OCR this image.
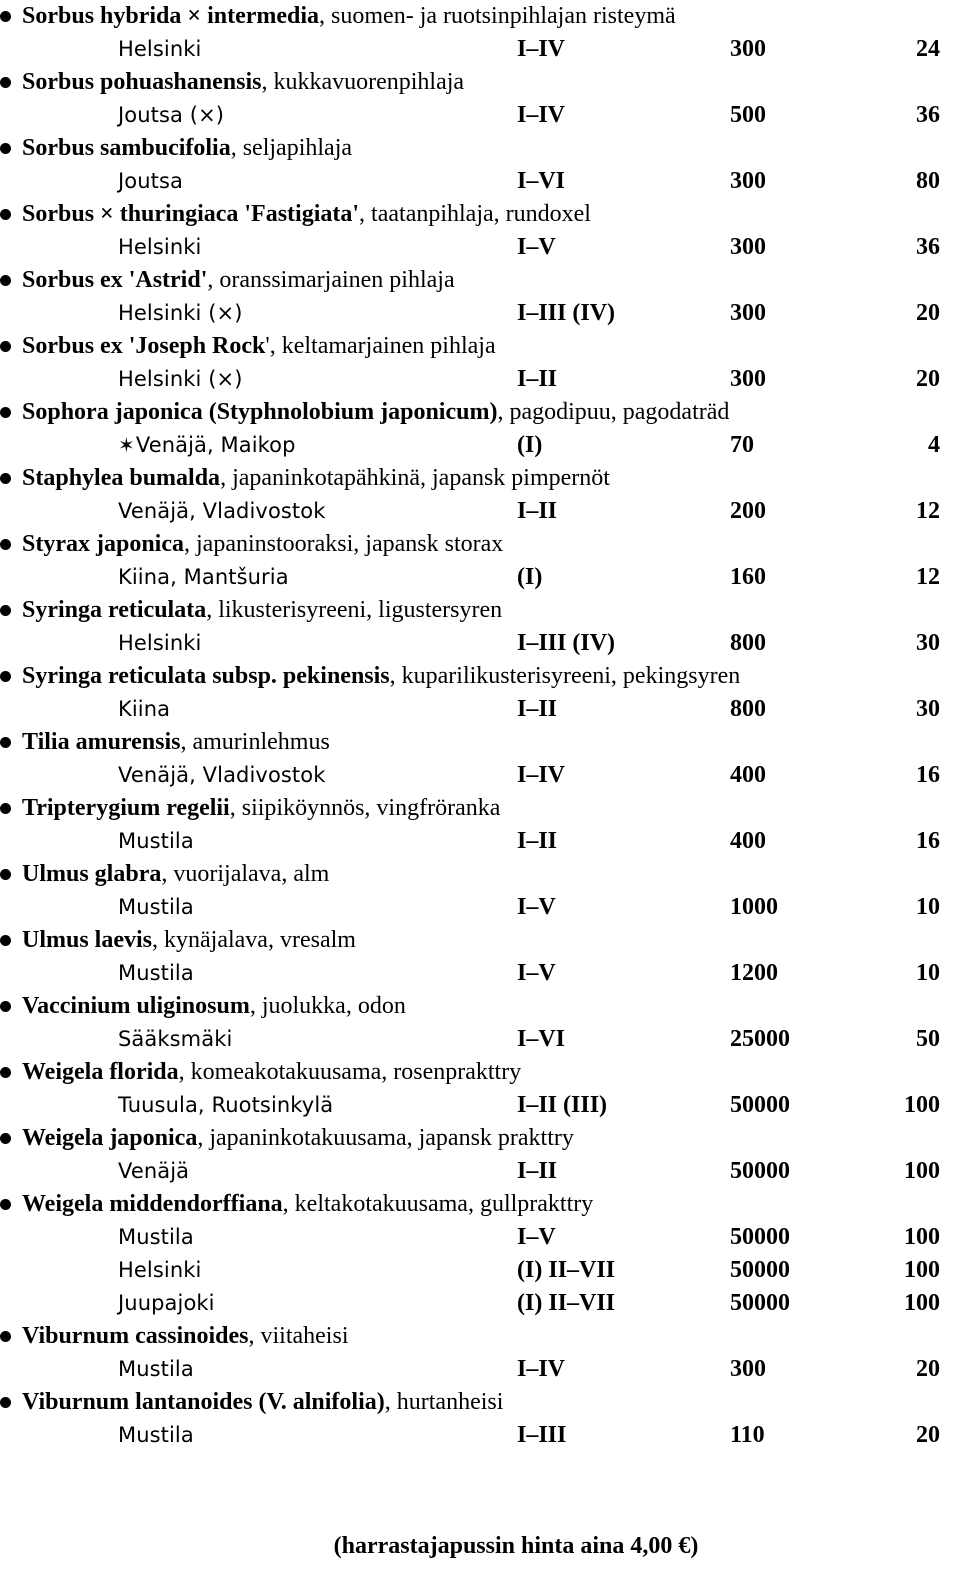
Sorbus hybrida × intermedia, suomen- ja ruotsinpihlajan risteymä
Helsinki	I–IV	300	24
Sorbus pohuashanensis, kukkavuorenpihlaja
Joutsa (×)	I–IV	500	36
Sorbus sambucifolia, seljapihlaja
Joutsa	I–VI	300	80
Sorbus × thuringiaca 'Fastigiata', taatanpihlaja, rundoxel
Helsinki	I–V	300	36
Sorbus ex 'Astrid', oranssimarjainen pihlaja
Helsinki (×)	I–III (IV)	300	20
Sorbus ex 'Joseph Rock', keltamarjainen pihlaja
Helsinki (×)	I–II	300	20
Sophora japonica (Styphnolobium japonicum), pagodipuu, pagodaträd
✶Venäjä, Maikop	(I)	70	4
Staphylea bumalda, japaninkotapähkinä, japansk pimpernöt
Venäjä, Vladivostok	I–II	200	12
Styrax japonica, japaninstooraksi, japansk storax
Kiina, Mantšuria	(I)	160	12
Syringa reticulata, likusterisyreeni, ligustersyren
Helsinki	I–III (IV)	800	30
Syringa reticulata subsp. pekinensis, kuparilikusterisyreeni, pekingsyren
Kiina	I–II	800	30
Tilia amurensis, amurinlehmus
Venäjä, Vladivostok	I–IV	400	16
Tripterygium regelii, siipiköynnös, vingfröranka
Mustila	I–II	400	16
Ulmus glabra, vuorijalava, alm
Mustila	I–V	1000	10
Ulmus laevis, kynäjalava, vresalm
Mustila	I–V	1200	10
Vaccinium uliginosum, juolukka, odon
Sääksmäki	I–VI	25000	50
Weigela florida, komeakotakuusama, rosenprakttry
Tuusula, Ruotsinkylä	I–II (III)	50000	100
Weigela japonica, japaninkotakuusama, japansk prakttry
Venäjä	I–II	50000	100
Weigela middendorffiana, keltakotakuusama, gullprakttry
Mustila	I–V	50000	100
Helsinki	(I) II–VII	50000	100
Juupajoki	(I) II–VII	50000	100
Viburnum cassinoides, viitaheisi
Mustila	I–IV	300	20
Viburnum lantanoides (V. alnifolia), hurtanheisi
Mustila	I–III	110	20
(harrastajapussin hinta aina 4,00 €)
